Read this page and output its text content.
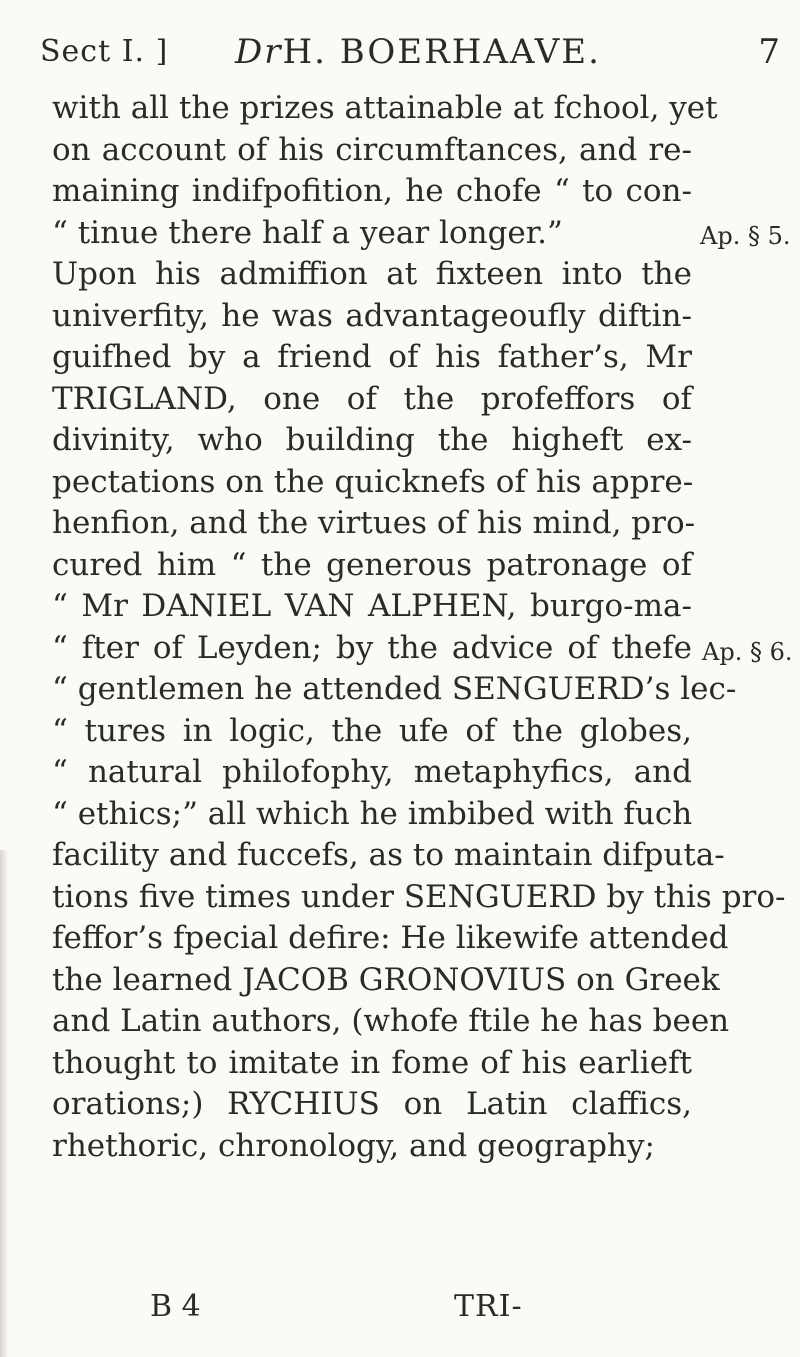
Sect I. ] DrH. BOERHAAVE.	7
with all the prizes attainable at fchool, yet
on account of his circumftances, and re-
maining indifpofition, he chofe “ to con-
“ tinue there half a year longer.”
Upon his admiffion at fixteen into the
univerfity, he was advantageoufly diftin-
guifhed by a friend of his father’s, Mr
TRIGLAND, one of the profeffors of
divinity, who building the higheft ex-
pectations on the quicknefs of his appre-
henfion, and the virtues of his mind, pro-
cured him “ the generous patronage of
“ Mr DANIEL VAN ALPHEN, burgo-ma-
“ fter of Leyden; by the advice of thefe
“ gentlemen he attended SENGUERD’s lec-
“ tures in logic, the ufe of the globes,
“ natural philofophy, metaphyfics, and
“ ethics;” all which he imbibed with fuch
facility and fuccefs, as to maintain difputa-
tions five times under SENGUERD by this pro-
feffor’s fpecial defire: He likewife attended
the learned JACOB GRONOVIUS on Greek
and Latin authors, (whofe ftile he has been
thought to imitate in fome of his earlieft
orations;) RYCHIUS on Latin claffics,
rhethoric, chronology, and geography;
Ap. § 5.
Ap. § 6.
B 4	TRI-
